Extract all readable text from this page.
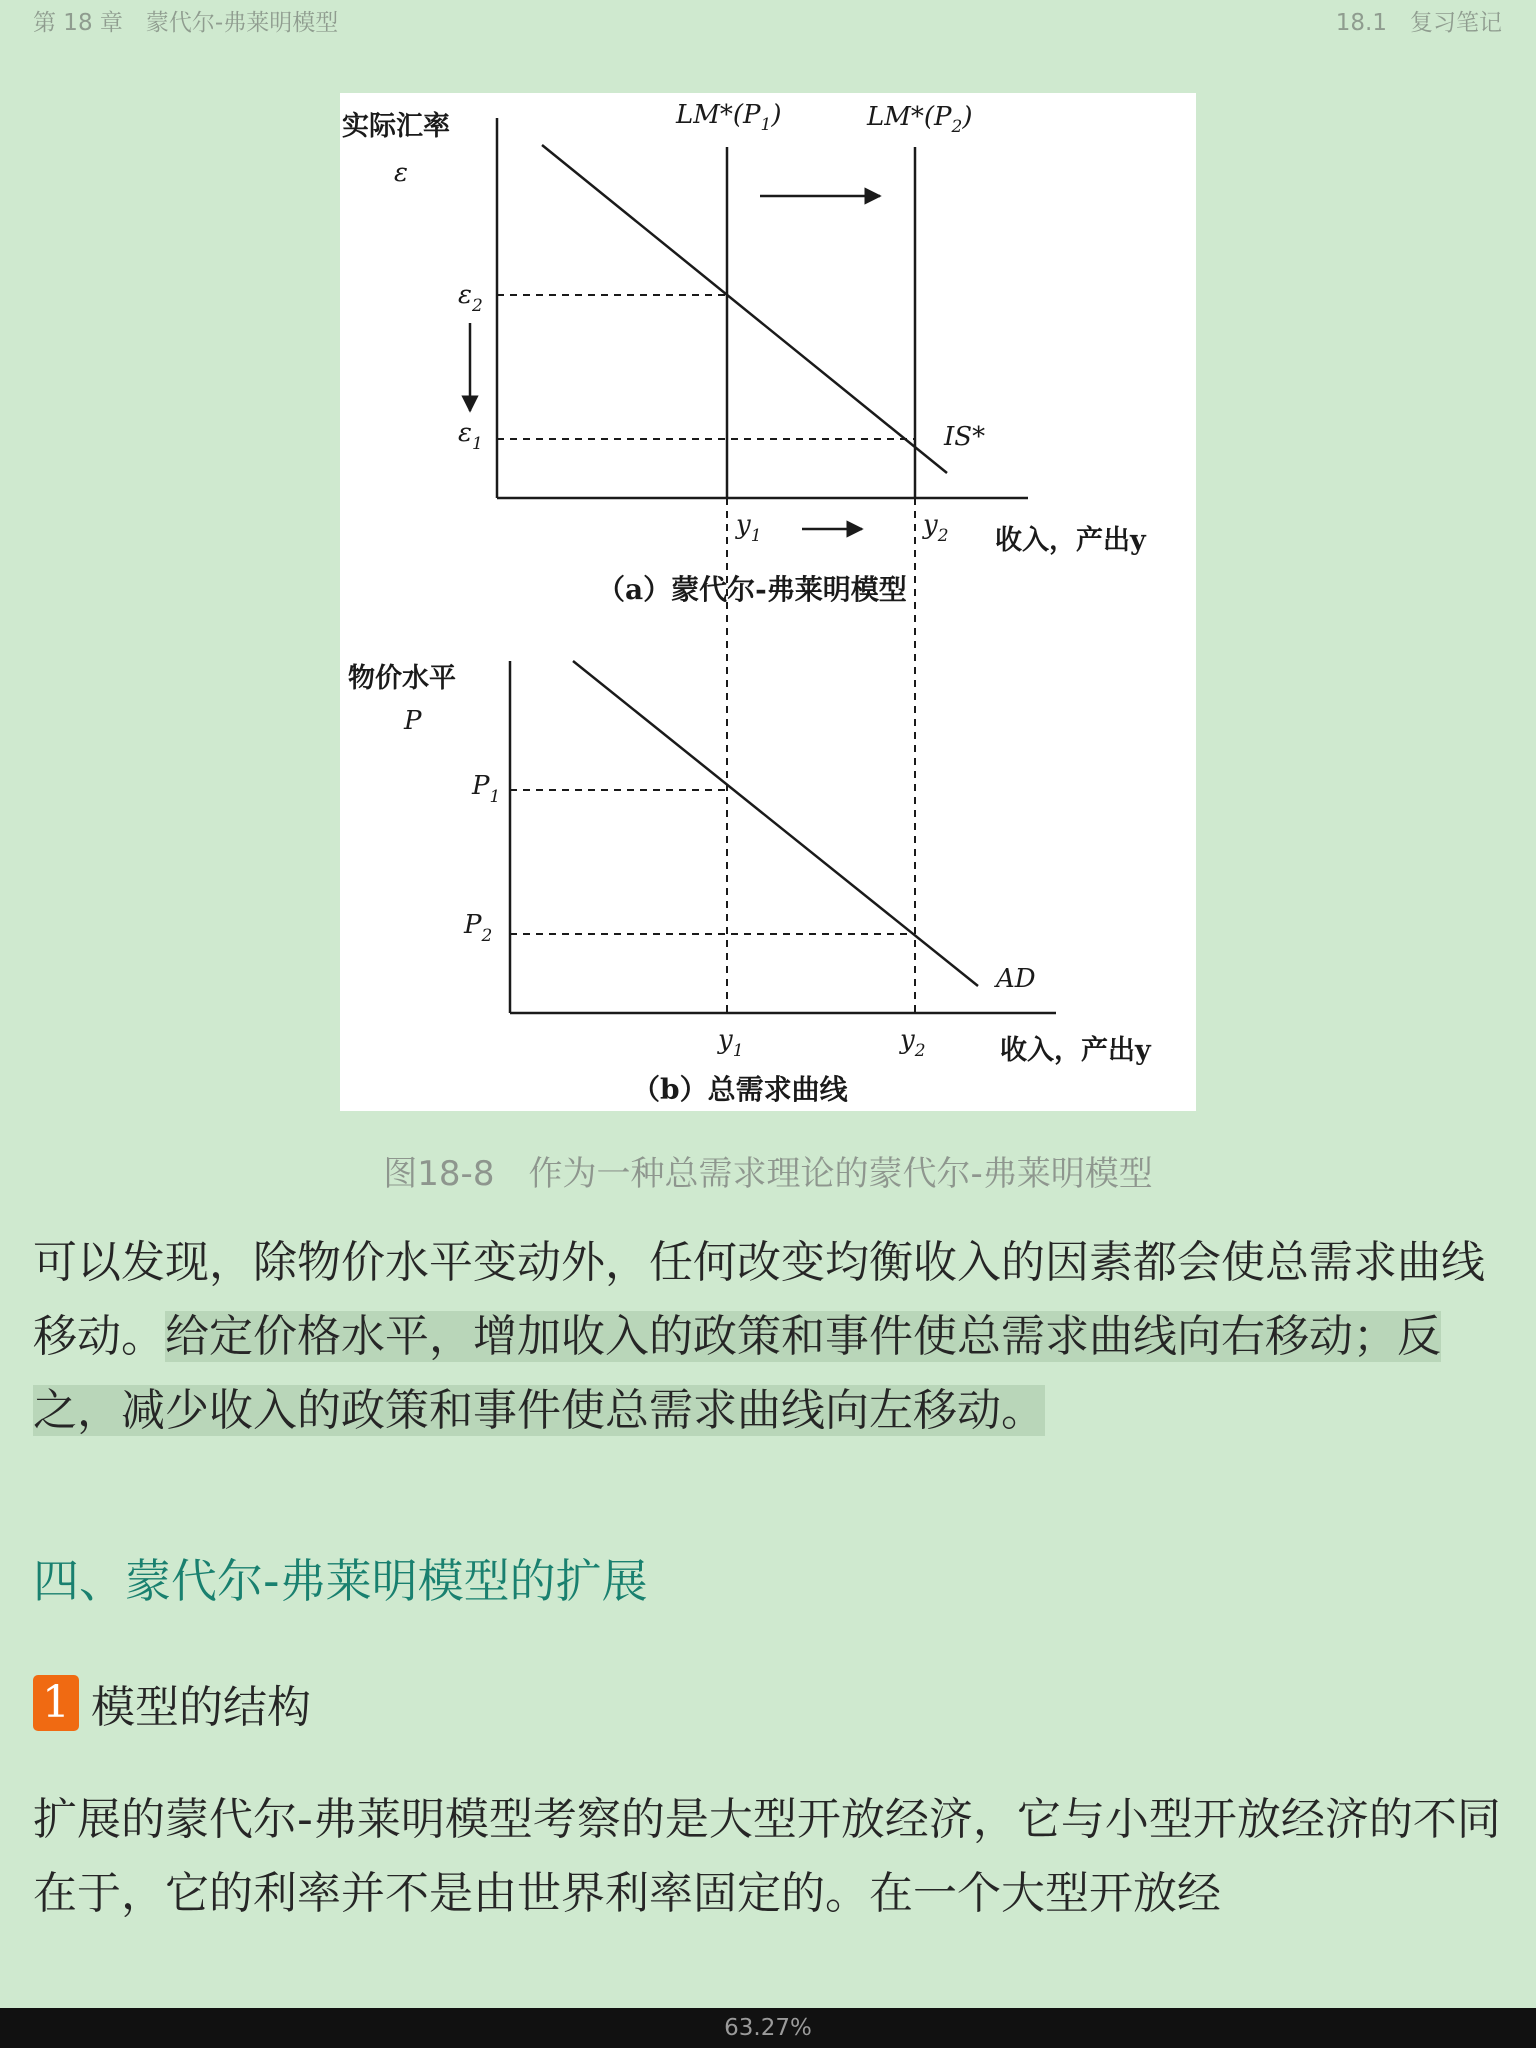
第 18 章　蒙代尔-弗莱明模型	18.1　复习笔记
实际汇率
ε
$LM*(P_1)$	$LM*(P_2)$
IS*
$\varepsilon_2$
$\varepsilon_1$
$y_1$	$y_2$ 收入，产出y
（a）蒙代尔-弗莱明模型
物价水平
P
AD
$P_1$
$P_2$
$y_1$	$y_2$	收入，产出y
（b）总需求曲线
图18-8　作为一种总需求理论的蒙代尔-弗莱明模型
可以发现，除物价水平变动外，任何改变均衡收入的因素都会使总需求曲线移动。给定价格水平，增加收入的政策和事件使总需求曲线向右移动；反之，减少收入的政策和事件使总需求曲线向左移动。
四、蒙代尔-弗莱明模型的扩展
1 模型的结构
扩展的蒙代尔-弗莱明模型考察的是大型开放经济，它与小型开放经济的不同在于，它的利率并不是由世界利率固定的。在一个大型开放经
63.27%
